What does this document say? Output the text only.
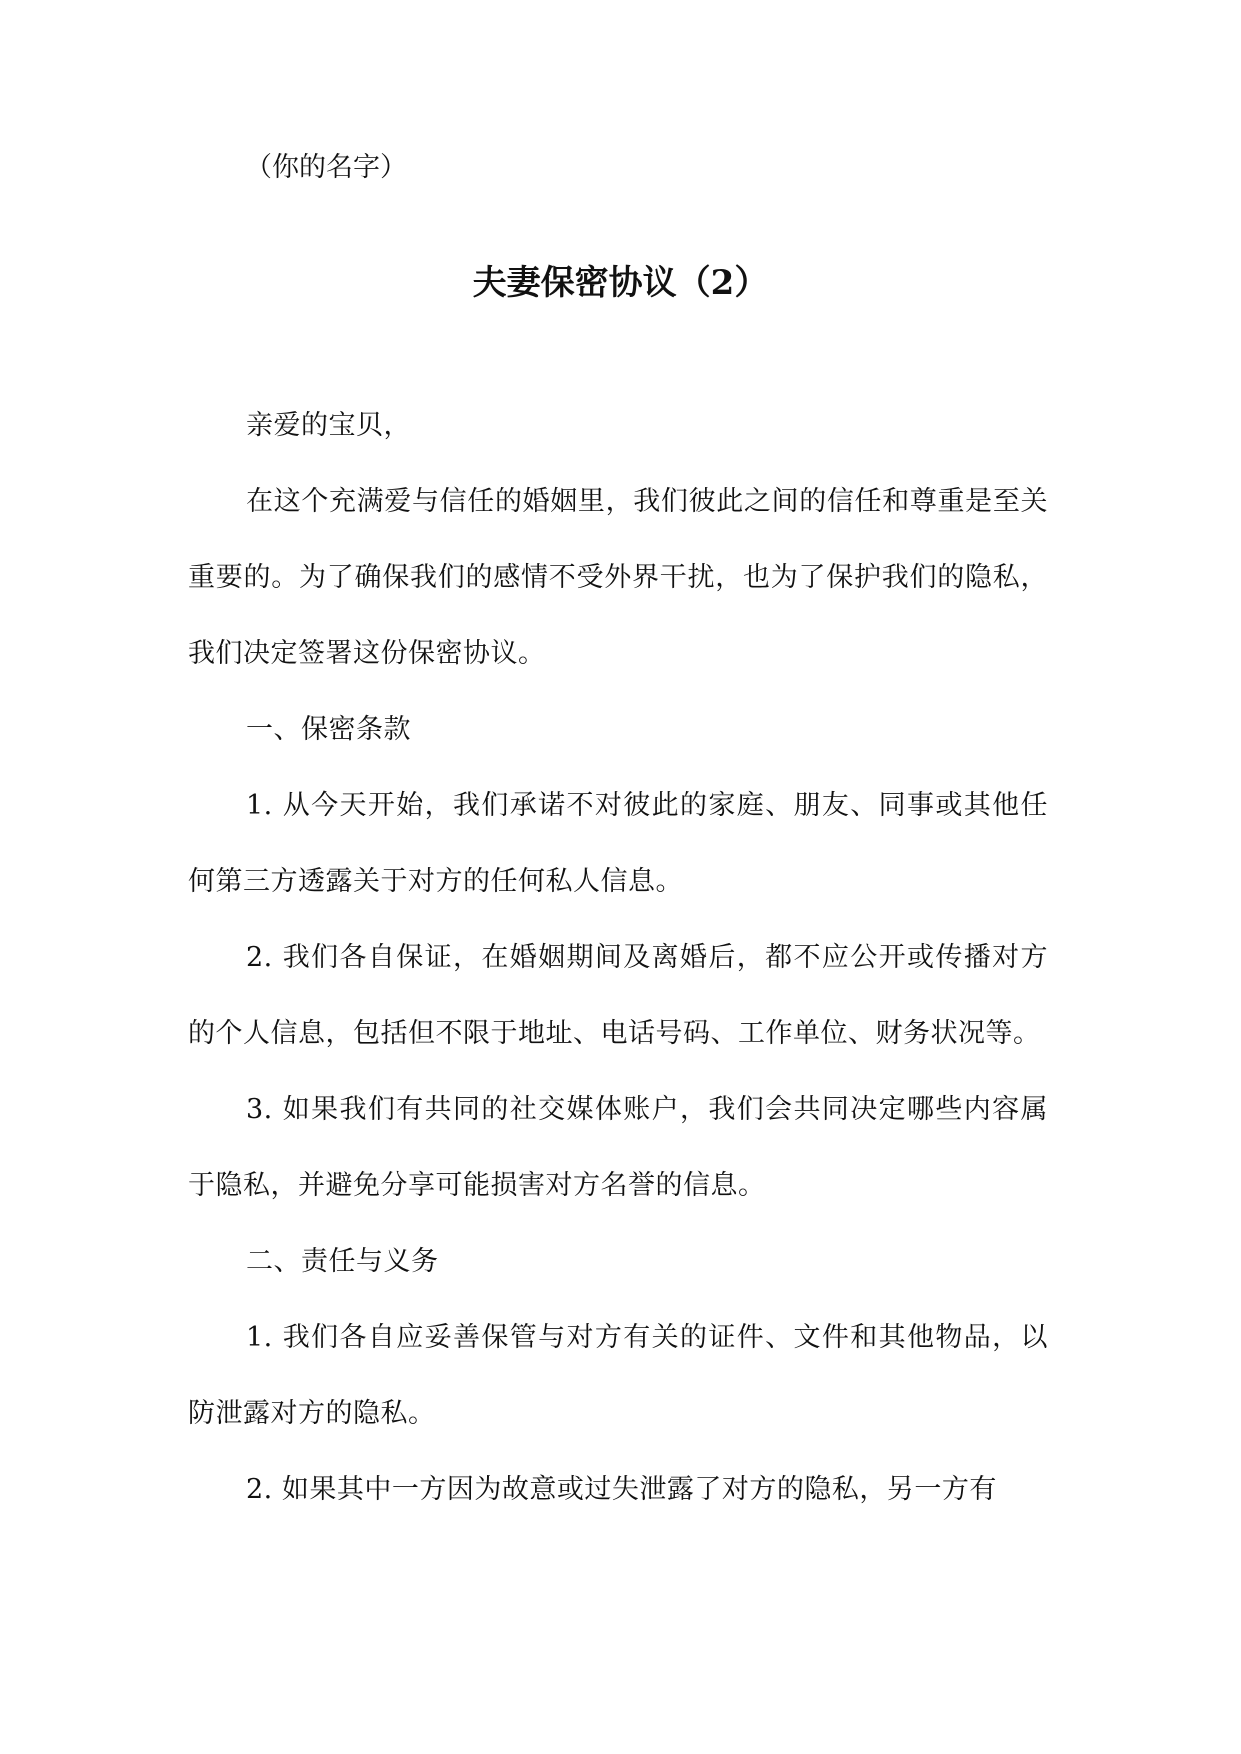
（你的名字）
夫妻保密协议（2）

亲爱的宝贝，

在这个充满爱与信任的婚姻里，我们彼此之间的信任和尊重是至关重要的。为了确保我们的感情不受外界干扰，也为了保护我们的隐私，我们决定签署这份保密协议。

一、保密条款

1. 从今天开始，我们承诺不对彼此的家庭、朋友、同事或其他任何第三方透露关于对方的任何私人信息。

2. 我们各自保证，在婚姻期间及离婚后，都不应公开或传播对方的个人信息，包括但不限于地址、电话号码、工作单位、财务状况等。

3. 如果我们有共同的社交媒体账户，我们会共同决定哪些内容属于隐私，并避免分享可能损害对方名誉的信息。

二、责任与义务

1. 我们各自应妥善保管与对方有关的证件、文件和其他物品，以防泄露对方的隐私。

2. 如果其中一方因为故意或过失泄露了对方的隐私，另一方有
